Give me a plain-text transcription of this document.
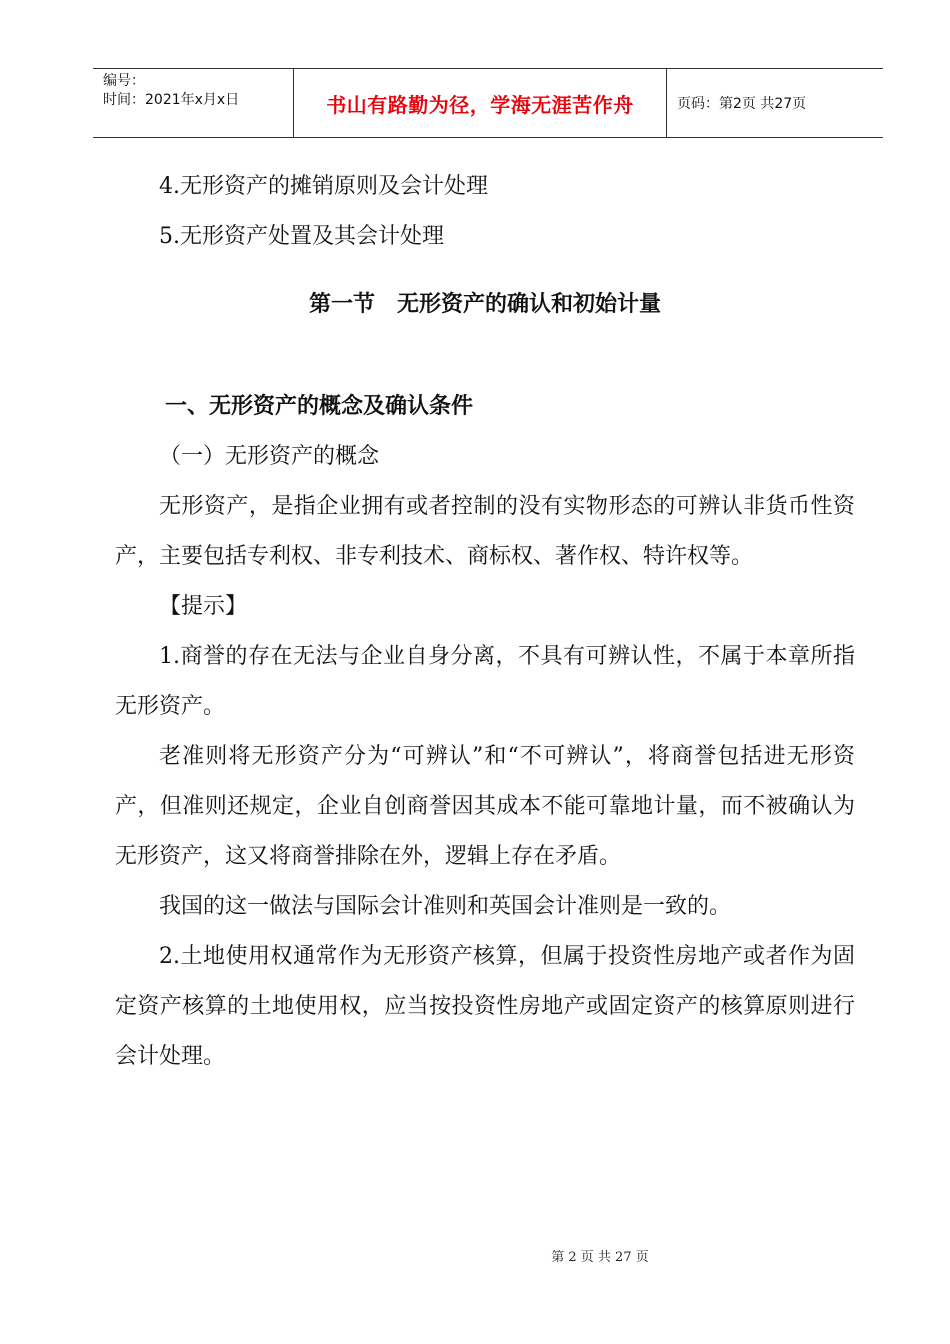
编号：
时间：2021年x月x日	书山有路勤为径，学海无涯苦作舟	页码：第2页 共27页

4.无形资产的摊销原则及会计处理

5.无形资产处置及其会计处理

第一节　无形资产的确认和初始计量

一、无形资产的概念及确认条件

（一）无形资产的概念

无形资产，是指企业拥有或者控制的没有实物形态的可辨认非货币性资产，主要包括专利权、非专利技术、商标权、著作权、特许权等。

【提示】

1.商誉的存在无法与企业自身分离，不具有可辨认性，不属于本章所指无形资产。

老准则将无形资产分为“可辨认”和“不可辨认”，将商誉包括进无形资产，但准则还规定，企业自创商誉因其成本不能可靠地计量，而不被确认为无形资产，这又将商誉排除在外，逻辑上存在矛盾。

我国的这一做法与国际会计准则和英国会计准则是一致的。

2.土地使用权通常作为无形资产核算，但属于投资性房地产或者作为固定资产核算的土地使用权，应当按投资性房地产或固定资产的核算原则进行会计处理。

第 2 页 共 27 页
